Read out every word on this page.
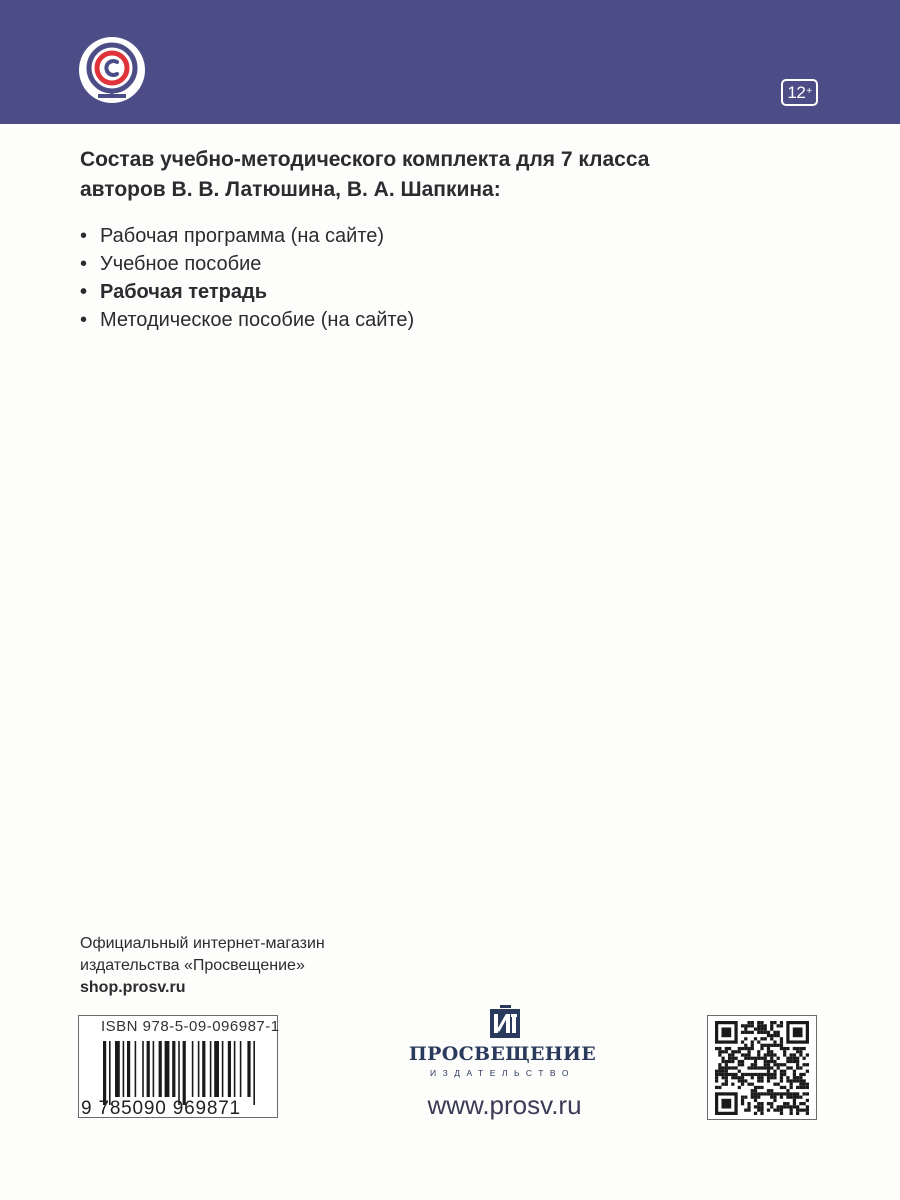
12+
Состав учебно-методического комплекта для 7 класса
авторов В. В. Латюшина, В. А. Шапкина:
• Рабочая программа (на сайте)
• Учебное пособие
• Рабочая тетрадь
• Методическое пособие (на сайте)
Официальный интернет-магазин
издательства «Просвещение»
shop.prosv.ru
ISBN 978-5-09-096987-1
9 785090 969871
ПРОСВЕЩЕНИЕ
ИЗДАТЕЛЬСТВО
www.prosv.ru
